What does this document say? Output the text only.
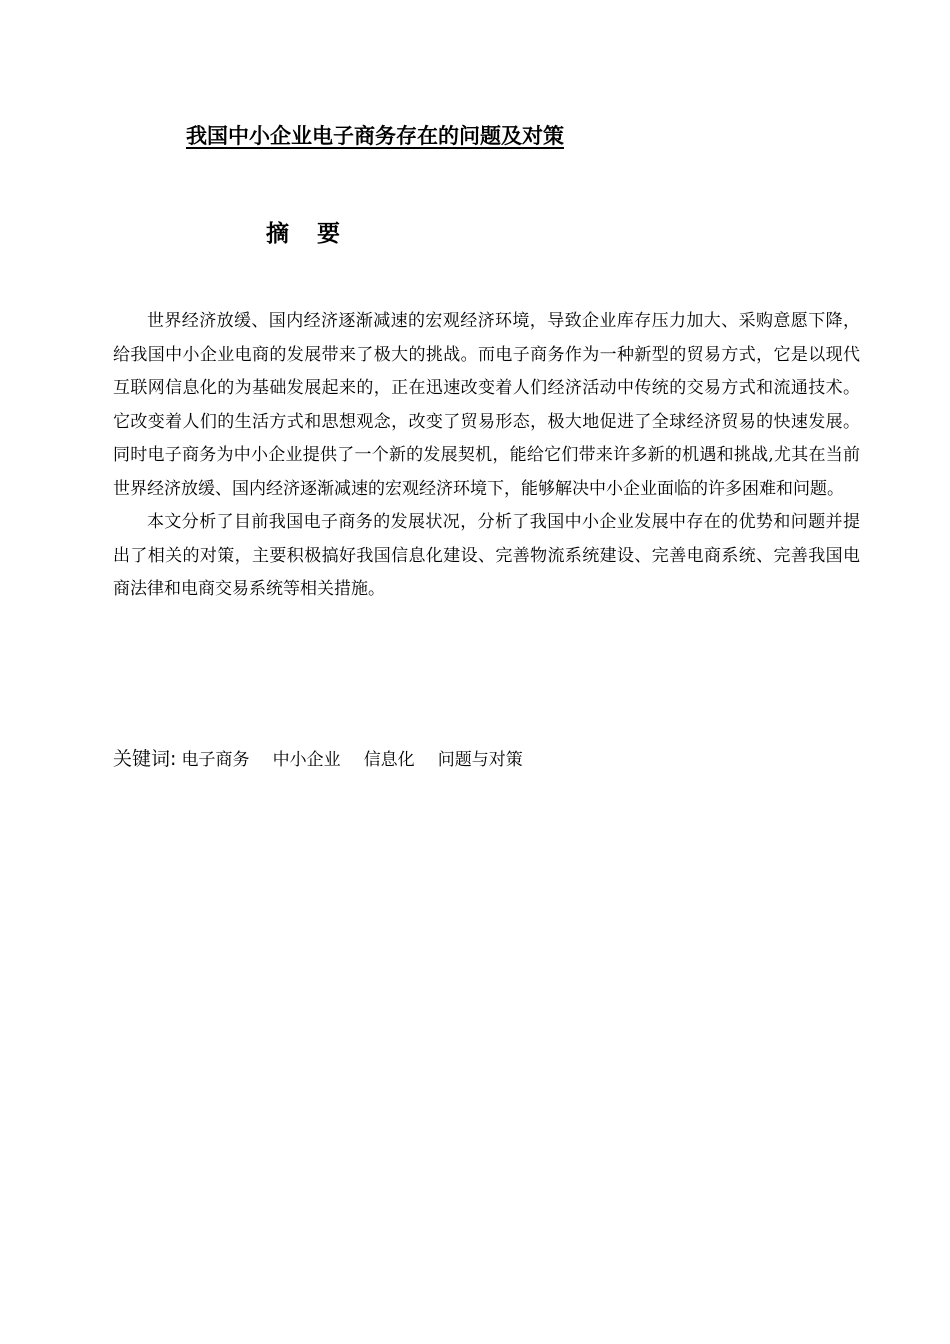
我国中小企业电子商务存在的问题及对策
摘 要

世界经济放缓、国内经济逐渐减速的宏观经济环境，导致企业库存压力加大、采购意愿下降，给我国中小企业电商的发展带来了极大的挑战。而电子商务作为一种新型的贸易方式，它是以现代互联网信息化的为基础发展起来的，正在迅速改变着人们经济活动中传统的交易方式和流通技术。它改变着人们的生活方式和思想观念，改变了贸易形态，极大地促进了全球经济贸易的快速发展。同时电子商务为中小企业提供了一个新的发展契机，能给它们带来许多新的机遇和挑战,尤其在当前世界经济放缓、国内经济逐渐减速的宏观经济环境下，能够解决中小企业面临的许多困难和问题。

本文分析了目前我国电子商务的发展状况，分析了我国中小企业发展中存在的优势和问题并提出了相关的对策，主要积极搞好我国信息化建设、完善物流系统建设、完善电商系统、完善我国电商法律和电商交易系统等相关措施。

关键词: 电子商务 中小企业 信息化 问题与对策
